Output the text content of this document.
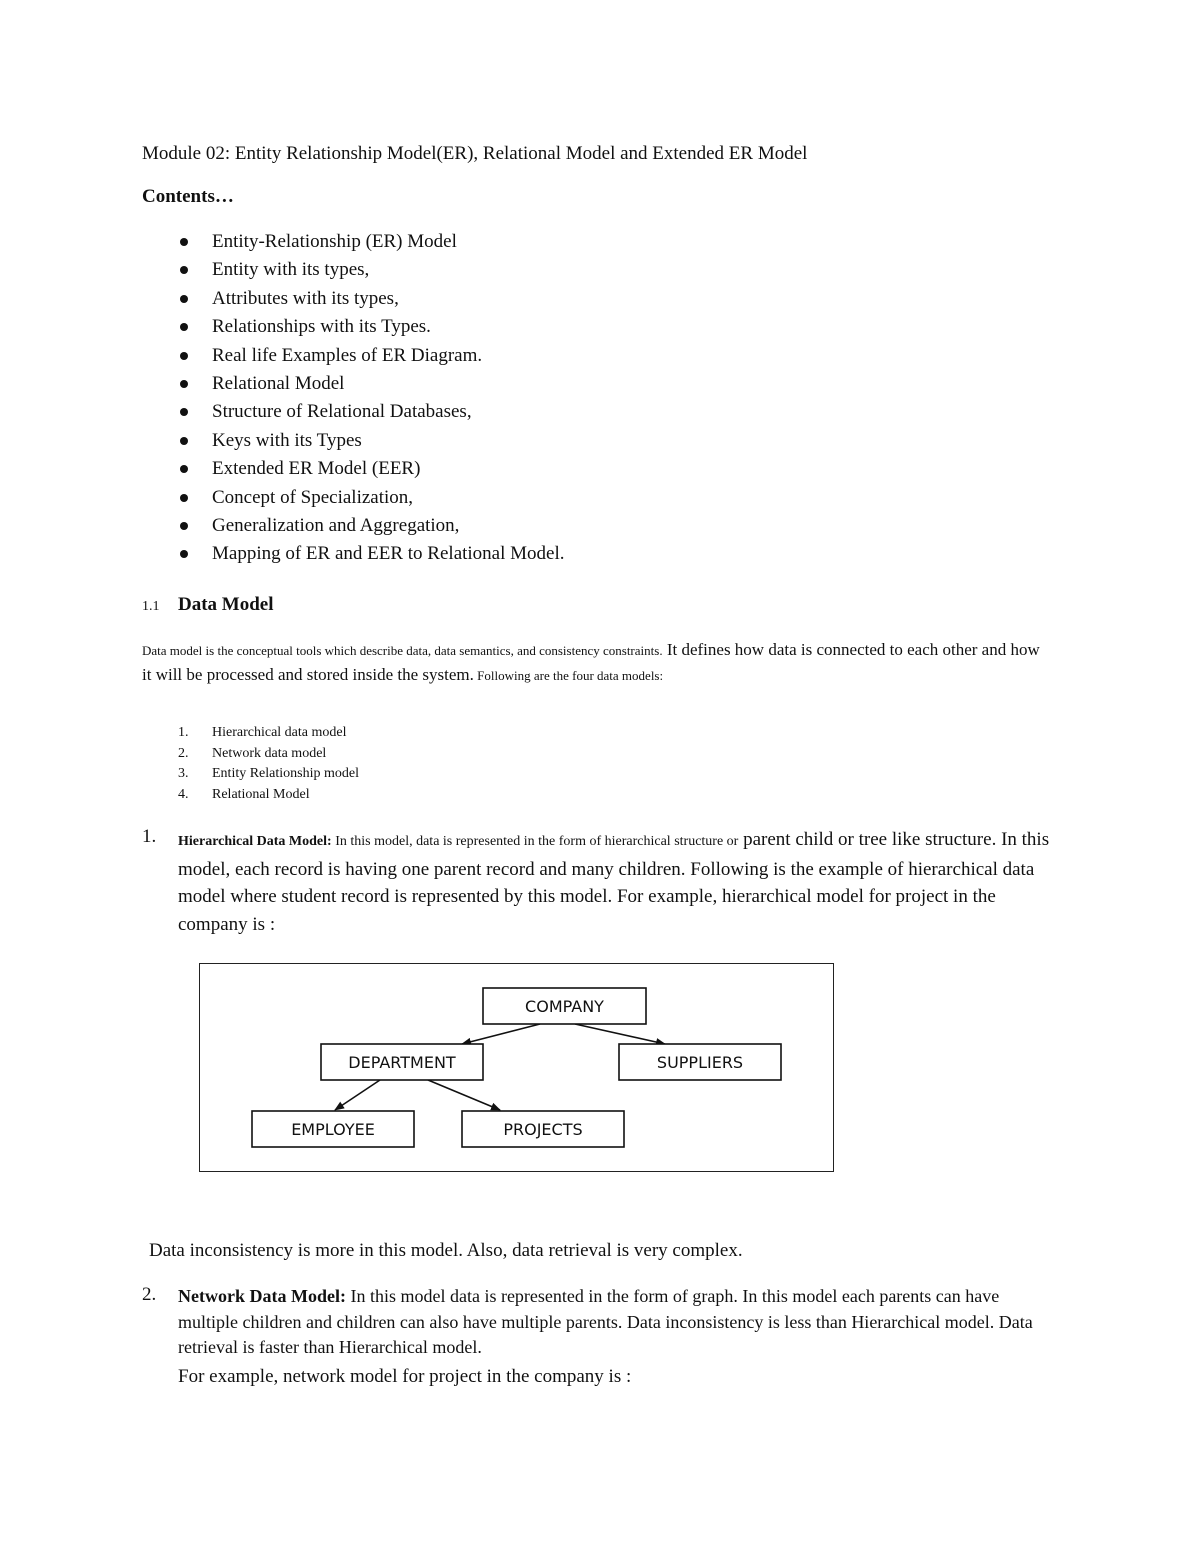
Module 02: Entity Relationship Model(ER), Relational Model and Extended ER Model
Contents…
Entity-Relationship (ER) Model
Entity with its types,
Attributes with its types,
Relationships with its Types.
Real life Examples of ER Diagram.
Relational Model
Structure of Relational Databases,
Keys with its Types
Extended ER Model (EER)
Concept of Specialization,
Generalization and Aggregation,
Mapping of ER and EER to Relational Model.
1.1 Data Model
Data model is the conceptual tools which describe data, data semantics, and consistency constraints. It defines how data is connected to each other and how it will be processed and stored inside the system. Following are the four data models:
1. Hierarchical data model
2. Network data model
3. Entity Relationship model
4. Relational Model
1. Hierarchical Data Model: In this model, data is represented in the form of hierarchical structure or parent child or tree like structure. In this model, each record is having one parent record and many children. Following is the example of hierarchical data model where student record is represented by this model. For example, hierarchical model for project in the company is :
COMPANY
DEPARTMENT	SUPPLIERS
EMPLOYEE	PROJECTS
Data inconsistency is more in this model. Also, data retrieval is very complex.
2. Network Data Model: In this model data is represented in the form of graph. In this model each parents can have multiple children and children can also have multiple parents. Data inconsistency is less than Hierarchical model. Data retrieval is faster than Hierarchical model.
For example, network model for project in the company is :
